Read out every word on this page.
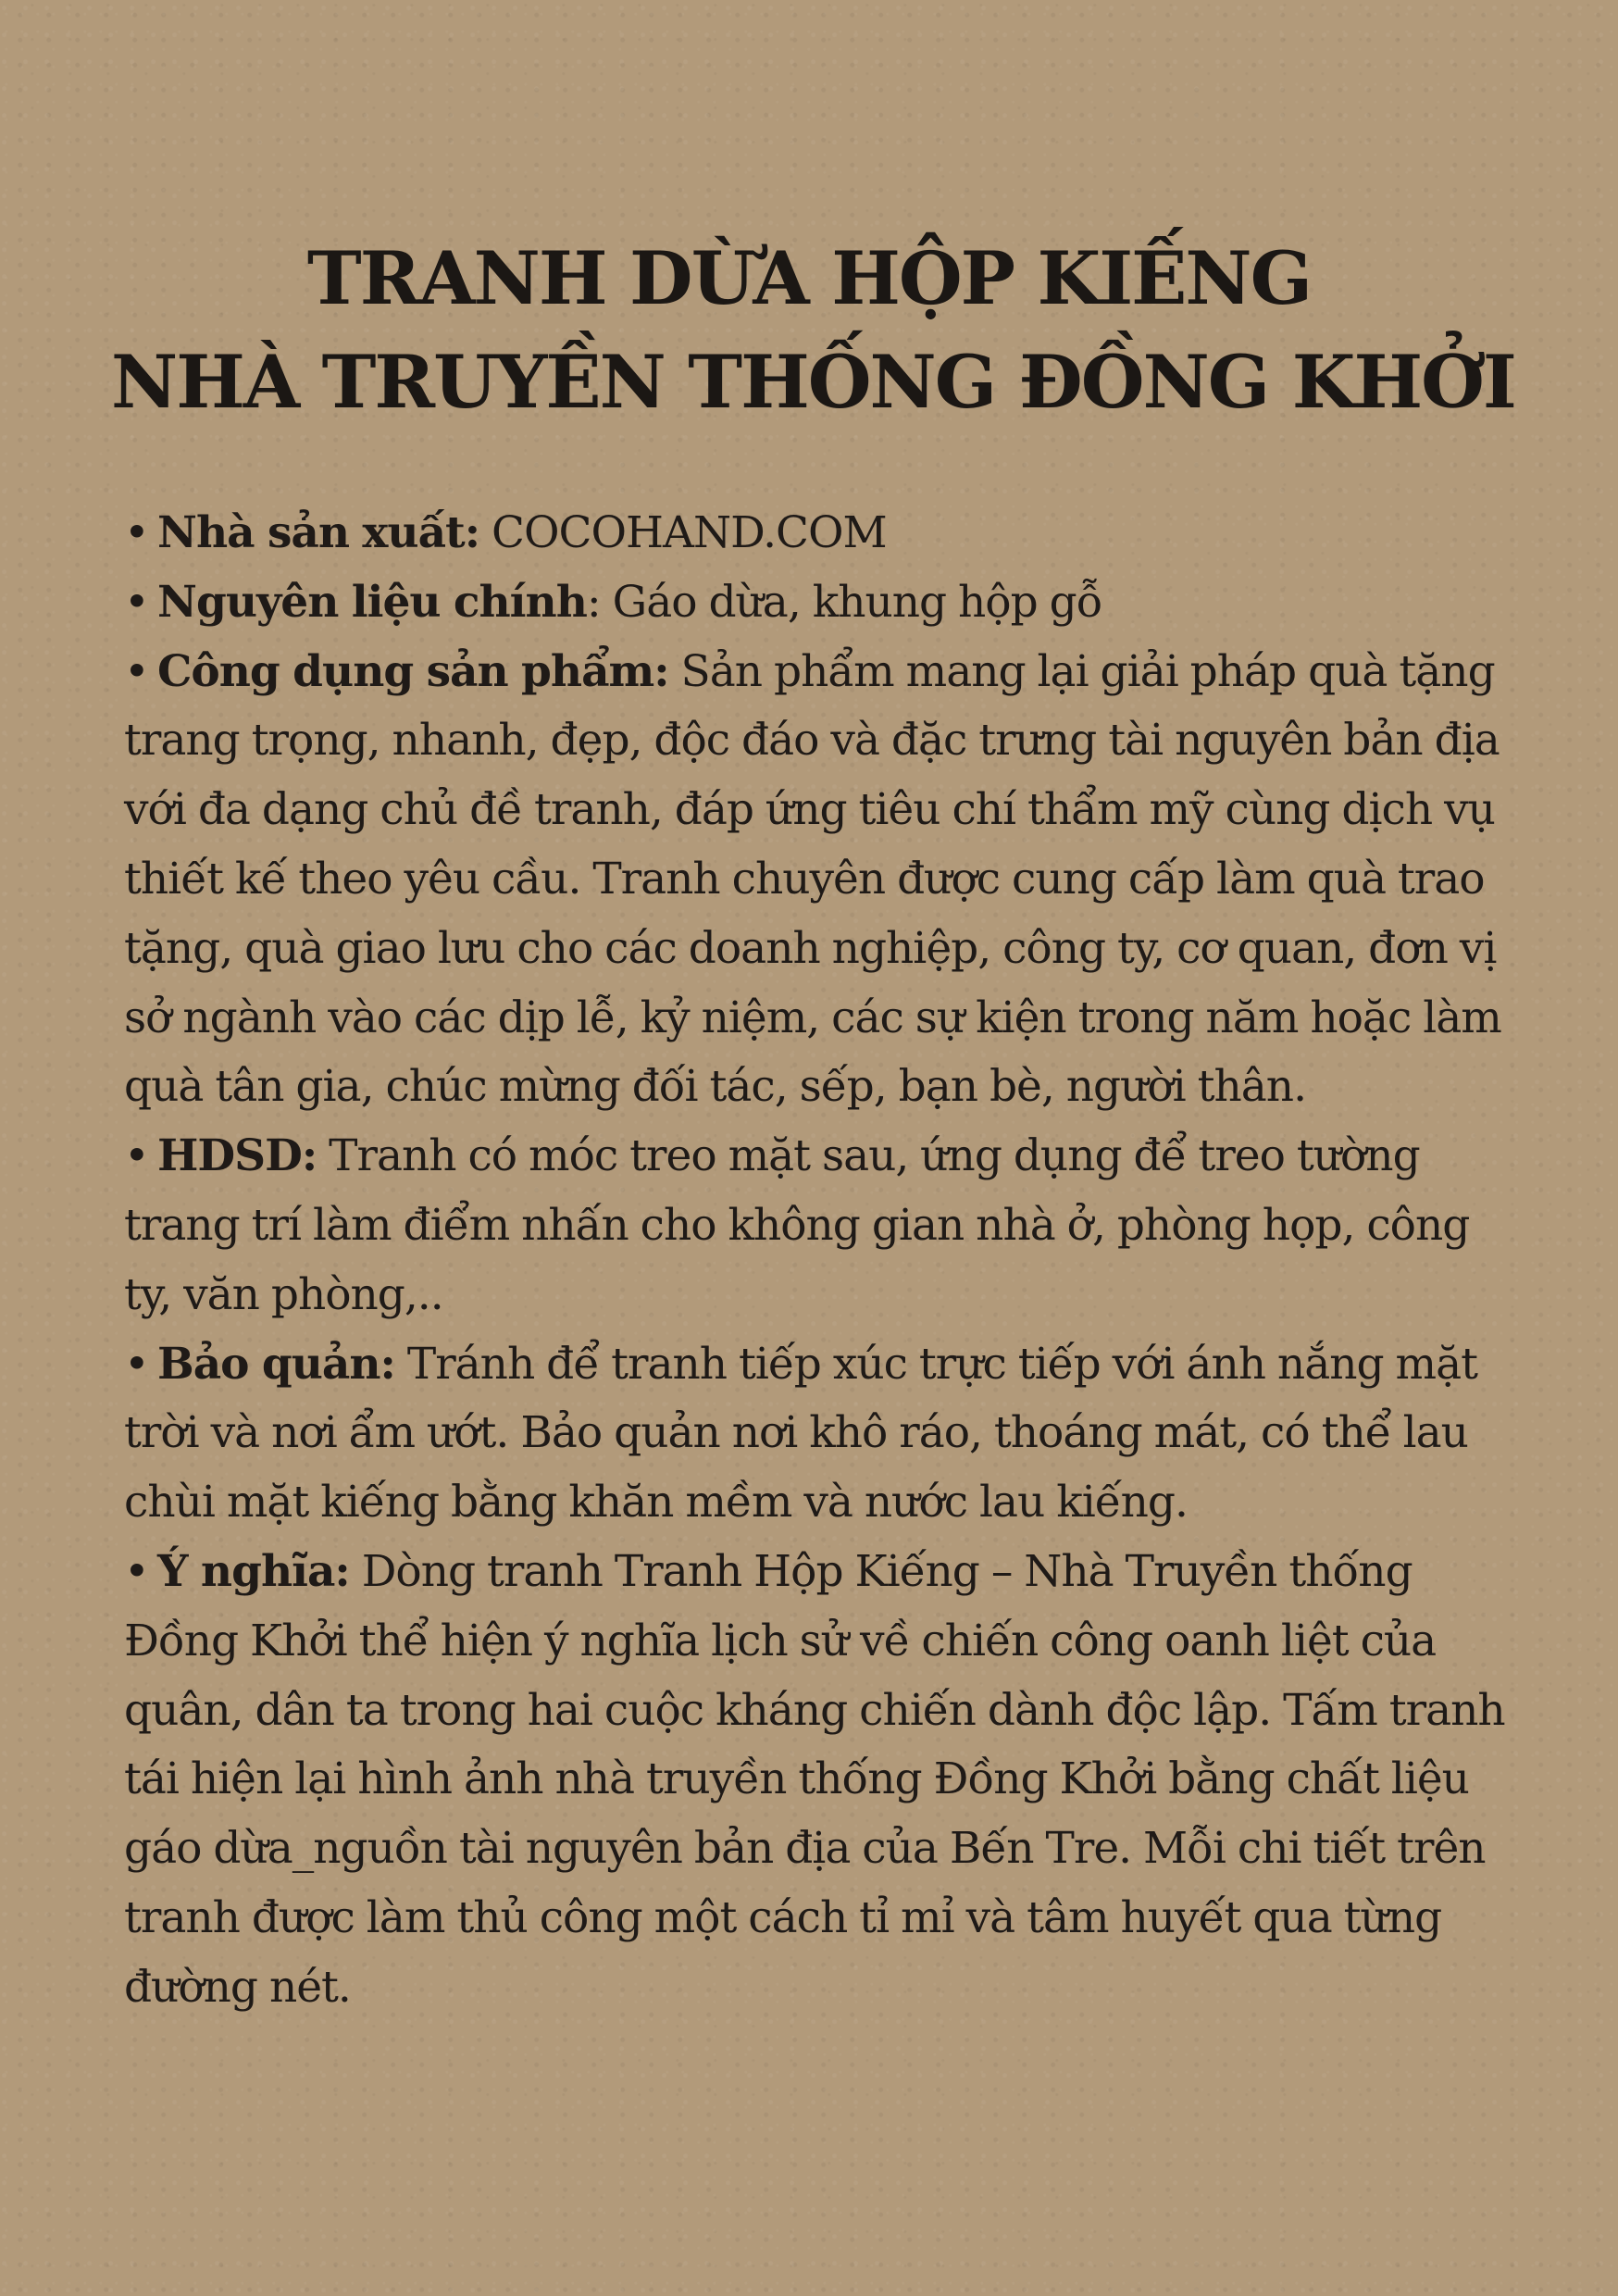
TRANH DỪA HỘP KIẾNG
NHÀ TRUYỀN THỐNG ĐỒNG KHỞI

• Nhà sản xuất: COCOHAND.COM

• Nguyên liệu chính: Gáo dừa, khung hộp gỗ

• Công dụng sản phẩm: Sản phẩm mang lại giải pháp quà tặng trang trọng, nhanh, đẹp, độc đáo và đặc trưng tài nguyên bản địa với đa dạng chủ đề tranh, đáp ứng tiêu chí thẩm mỹ cùng dịch vụ thiết kế theo yêu cầu. Tranh chuyên được cung cấp làm quà trao tặng, quà giao lưu cho các doanh nghiệp, công ty, cơ quan, đơn vị sở ngành vào các dịp lễ, kỷ niệm, các sự kiện trong năm hoặc làm quà tân gia, chúc mừng đối tác, sếp, bạn bè, người thân.

• HDSD: Tranh có móc treo mặt sau, ứng dụng để treo tường trang trí làm điểm nhấn cho không gian nhà ở, phòng họp, công ty, văn phòng,..

• Bảo quản: Tránh để tranh tiếp xúc trực tiếp với ánh nắng mặt trời và nơi ẩm ướt. Bảo quản nơi khô ráo, thoáng mát, có thể lau chùi mặt kiếng bằng khăn mềm và nước lau kiếng.

• Ý nghĩa: Dòng tranh Tranh Hộp Kiếng – Nhà Truyền thống Đồng Khởi thể hiện ý nghĩa lịch sử về chiến công oanh liệt của quân, dân ta trong hai cuộc kháng chiến dành độc lập. Tấm tranh tái hiện lại hình ảnh nhà truyền thống Đồng Khởi bằng chất liệu gáo dừa_nguồn tài nguyên bản địa của Bến Tre. Mỗi chi tiết trên tranh được làm thủ công một cách tỉ mỉ và tâm huyết qua từng đường nét.
